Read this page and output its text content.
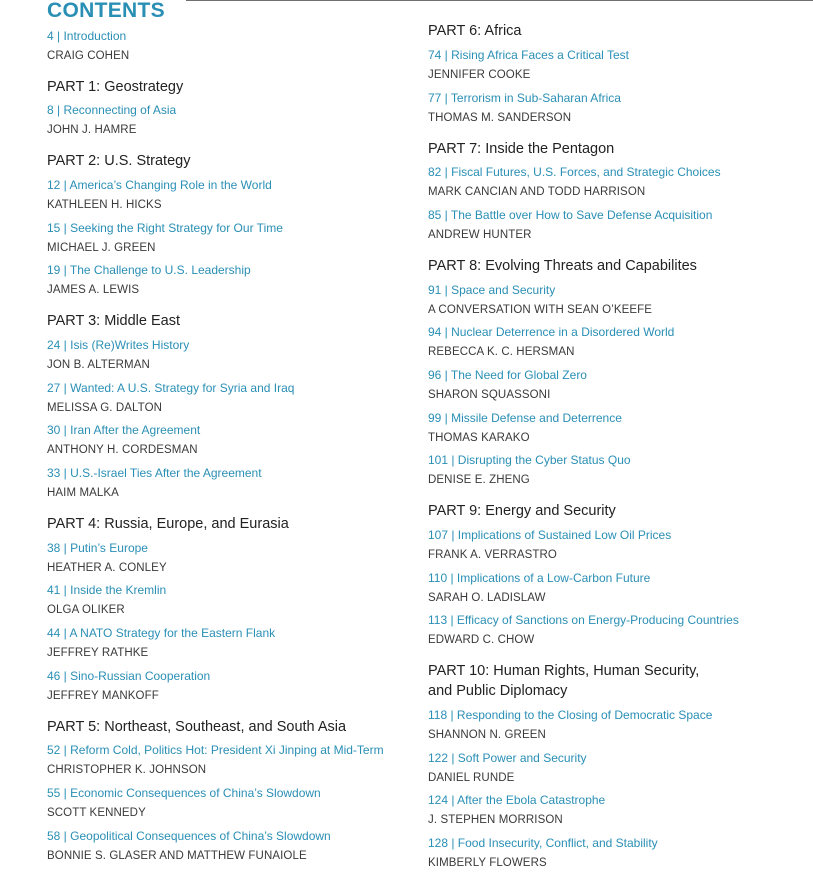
CONTENTS
4 | Introduction
CRAIG COHEN
PART 1: Geostrategy
8 | Reconnecting of Asia
JOHN J. HAMRE
PART 2: U.S. Strategy
12 | America’s Changing Role in the World
KATHLEEN H. HICKS
15 | Seeking the Right Strategy for Our Time
MICHAEL J. GREEN
19 | The Challenge to U.S. Leadership
JAMES A. LEWIS
PART 3: Middle East
24 | Isis (Re)Writes History
JON B. ALTERMAN
27 | Wanted: A U.S. Strategy for Syria and Iraq
MELISSA G. DALTON
30 | Iran After the Agreement
ANTHONY H. CORDESMAN
33 | U.S.-Israel Ties After the Agreement
HAIM MALKA
PART 4: Russia, Europe, and Eurasia
38 | Putin’s Europe
HEATHER A. CONLEY
41 | Inside the Kremlin
OLGA OLIKER
44 | A NATO Strategy for the Eastern Flank
JEFFREY RATHKE
46 | Sino-Russian Cooperation
JEFFREY MANKOFF
PART 5: Northeast, Southeast, and South Asia
52 | Reform Cold, Politics Hot: President Xi Jinping at Mid-Term
CHRISTOPHER K. JOHNSON
55 | Economic Consequences of China’s Slowdown
SCOTT KENNEDY
58 | Geopolitical Consequences of China’s Slowdown
BONNIE S. GLASER AND MATTHEW FUNAIOLE
PART 6: Africa
74 | Rising Africa Faces a Critical Test
JENNIFER COOKE
77 | Terrorism in Sub-Saharan Africa
THOMAS M. SANDERSON
PART 7: Inside the Pentagon
82 | Fiscal Futures, U.S. Forces, and Strategic Choices
MARK CANCIAN AND TODD HARRISON
85 | The Battle over How to Save Defense Acquisition
ANDREW HUNTER
PART 8: Evolving Threats and Capabilites
91 | Space and Security
A CONVERSATION WITH SEAN O’KEEFE
94 | Nuclear Deterrence in a Disordered World
REBECCA K. C. HERSMAN
96 | The Need for Global Zero
SHARON SQUASSONI
99 | Missile Defense and Deterrence
THOMAS KARAKO
101 | Disrupting the Cyber Status Quo
DENISE E. ZHENG
PART 9: Energy and Security
107 | Implications of Sustained Low Oil Prices
FRANK A. VERRASTRO
110 | Implications of a Low-Carbon Future
SARAH O. LADISLAW
113 | Efficacy of Sanctions on Energy-Producing Countries
EDWARD C. CHOW
PART 10: Human Rights, Human Security,
and Public Diplomacy
118 | Responding to the Closing of Democratic Space
SHANNON N. GREEN
122 | Soft Power and Security
DANIEL RUNDE
124 | After the Ebola Catastrophe
J. STEPHEN MORRISON
128 | Food Insecurity, Conflict, and Stability
KIMBERLY FLOWERS
